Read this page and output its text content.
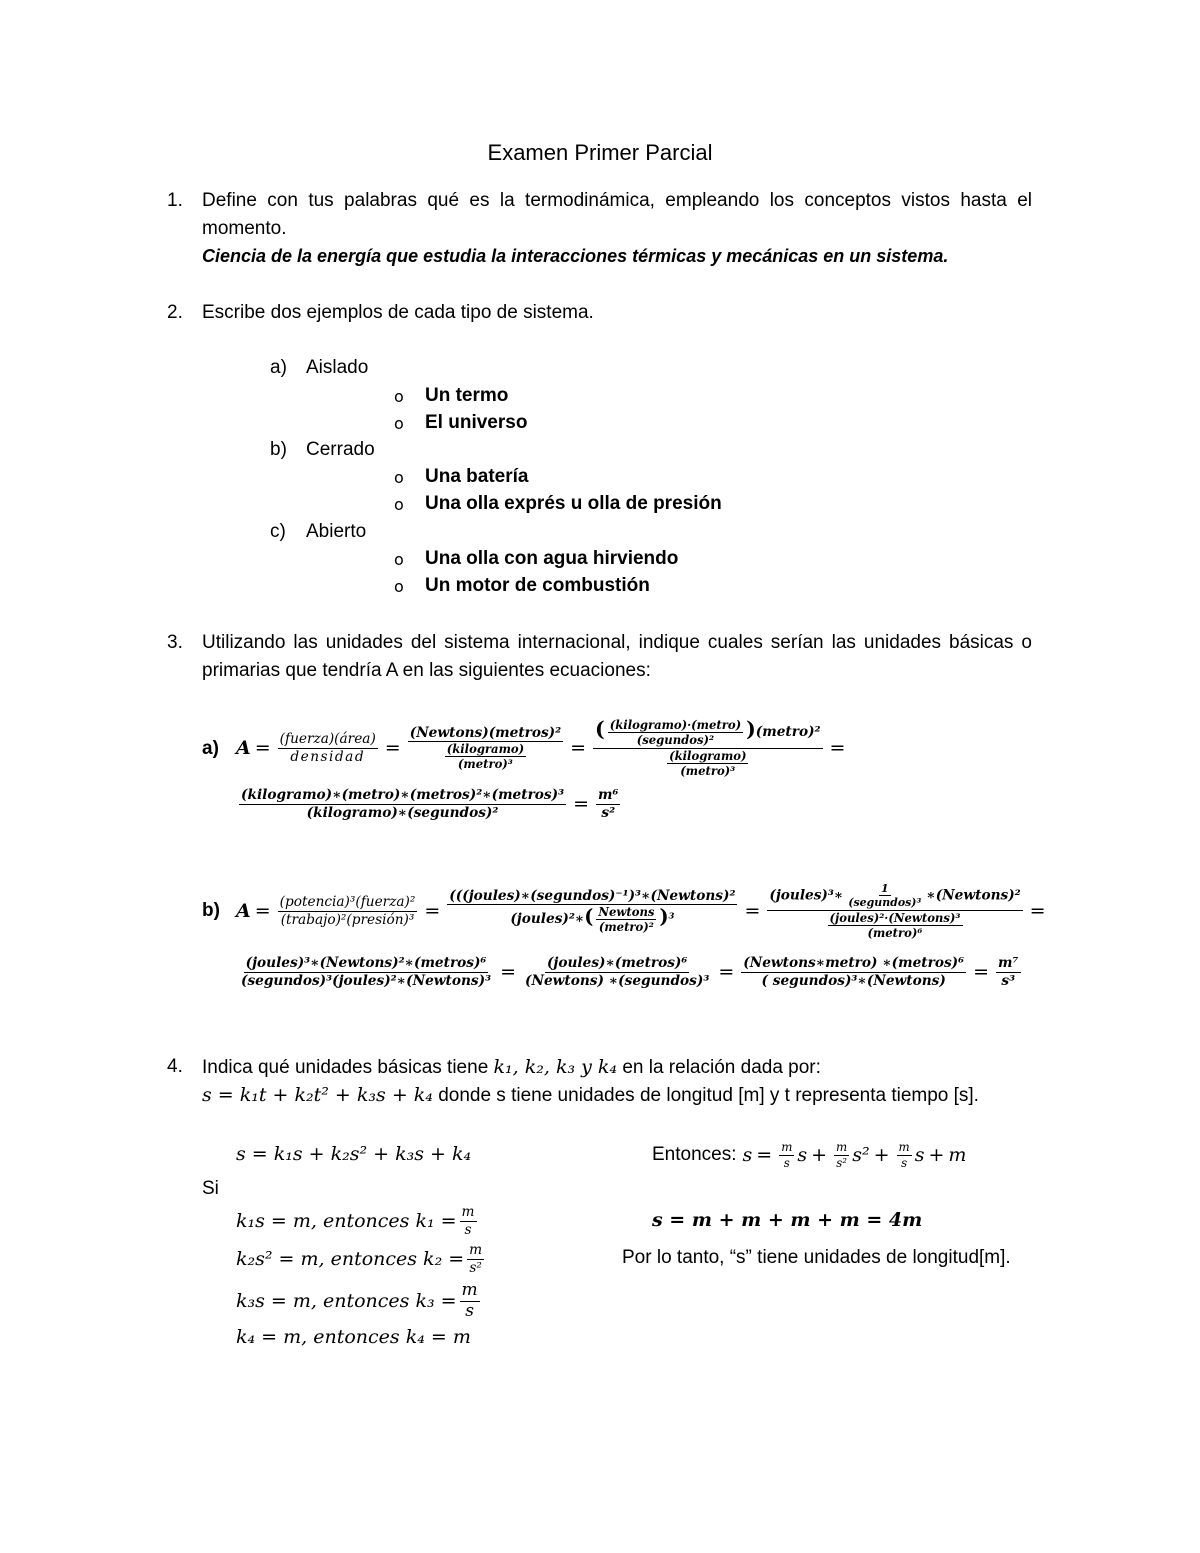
Examen Primer Parcial
1. Define con tus palabras qué es la termodinámica, empleando los conceptos vistos hasta el
momento.
Ciencia de la energía que estudia la interacciones térmicas y mecánicas en un sistema.
2. Escribe dos ejemplos de cada tipo de sistema.
a) Aislado
o Un termo
o El universo
b) Cerrado
o Una batería
o Una olla exprés u olla de presión
c) Abierto
o Una olla con agua hirviendo
o Un motor de combustión
3. Utilizando las unidades del sistema internacional, indique cuales serían las unidades básicas o
primarias que tendría A en las siguientes ecuaciones:
a) $A = \frac{\text{(fuerza)(área)}}{\text{densidad}} = \frac{\text{(Newtons)(metros)²}}{\frac{\text{(kilogramo)}}{\text{(metro)³}}} = \frac{( \frac{\text{(kilogramo)·(metro)}}{\text{(segundos)²}} )(metro)^2}{\frac{\text{(kilogramo)}}{\text{(metro)³}}}$ =
$\frac{\text{(kilogramo)∗(metro)∗(metros)²∗(metros)³}}{\text{(kilogramo)∗(segundos)²}} = \frac{\text{m⁶}}{\text{s²}}$
b) $A = \frac{\text{(potencia)³(fuerza)²}}{\text{(trabajo)²(presión)³}} = \frac{\text{(((joules)∗(segundos)⁻¹)³∗(Newtons)²}}{(joules)^2∗( \frac{\text{Newtons}}{\text{(metro)²}} )^3} = \frac{(joules)^3∗ \frac{1}{\text{(segundos)³}} ∗(Newtons)^2}{\frac{\text{(joules)²·(Newtons)³}}{\text{(metro)⁶}}}$ =
$\frac{\text{(joules)³∗(Newtons)²∗(metros)⁶}}{\text{(segundos)³(joules)²∗(Newtons)³}} = \frac{\text{(joules)∗(metros)⁶}}{\text{(Newtons) ∗(segundos)³}} = \frac{\text{(Newtons∗metro) ∗(metros)⁶}}{\text{( segundos)³∗(Newtons)}} = \frac{\text{m⁷}}{\text{s³}}$
4. Indica qué unidades básicas tiene k₁, k₂, k₃ y k₄ en la relación dada por:
s = k₁t + k₂t² + k₃s + k₄ donde s tiene unidades de longitud [m] y t representa tiempo [s].
s = k₁s + k₂s² + k₃s + k₄
Si
k₁s = m, entonces $k_1 = \frac{m}{s}$
k₂s² = m, entonces $k_2 = \frac{m}{\text{s²}}$
k₃s = m, entonces $k_3 = \frac{m}{s}$
k₄ = m, entonces k₄ = m
Entonces: $s = \frac{m}{s}$ $s + \frac{m}{\text{s²}} s^2 + \frac{m}{s}$ s + m
s = m + m + m + m = 4m
Por lo tanto, “s” tiene unidades de longitud[m].
